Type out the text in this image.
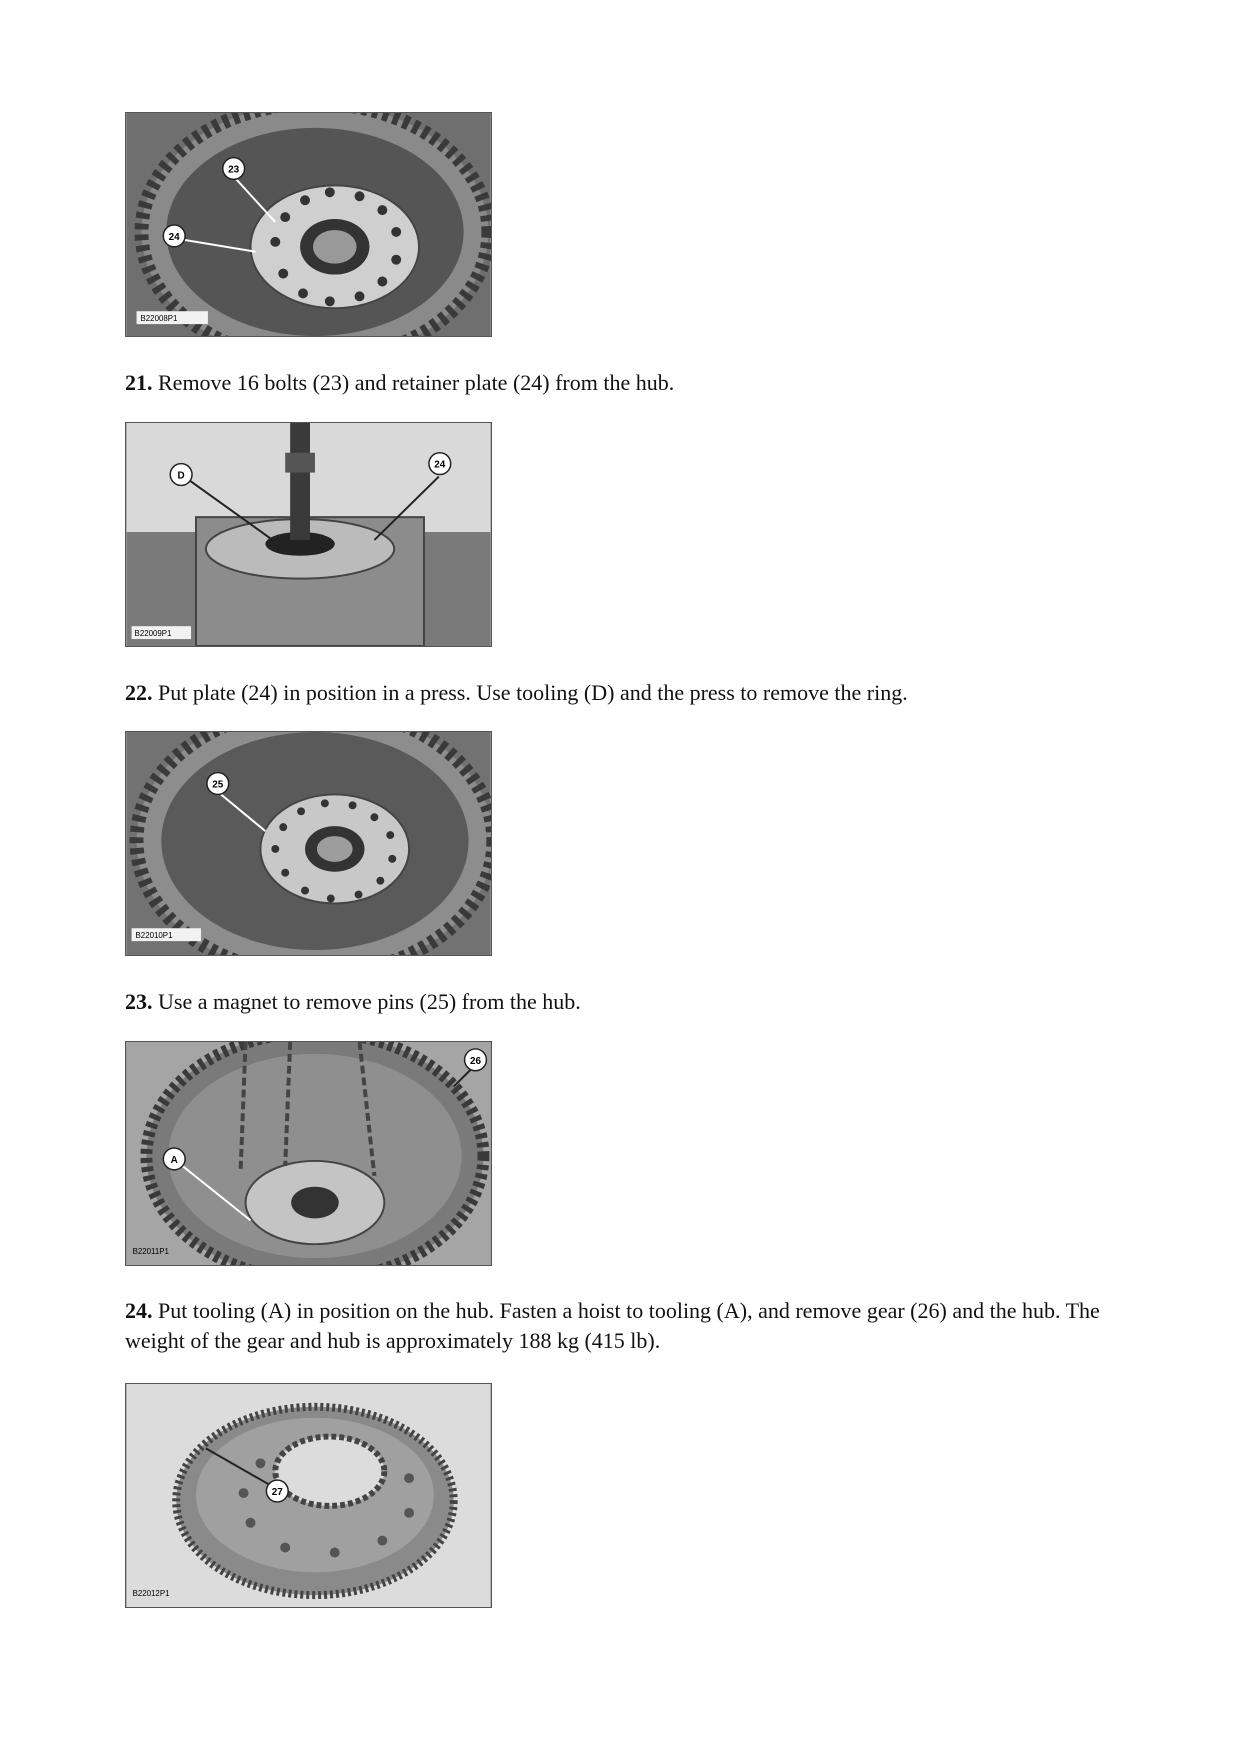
23
24
B22008P1

21. Remove 16 bolts (23) and retainer plate (24) from the hub.

D
24
B22009P1

22. Put plate (24) in position in a press. Use tooling (D) and the press to remove the ring.

25
B22010P1

23. Use a magnet to remove pins (25) from the hub.

A
26
B22011P1

24. Put tooling (A) in position on the hub. Fasten a hoist to tooling (A), and remove gear (26) and the hub. The weight of the gear and hub is approximately 188 kg (415 lb).

27
B22012P1
